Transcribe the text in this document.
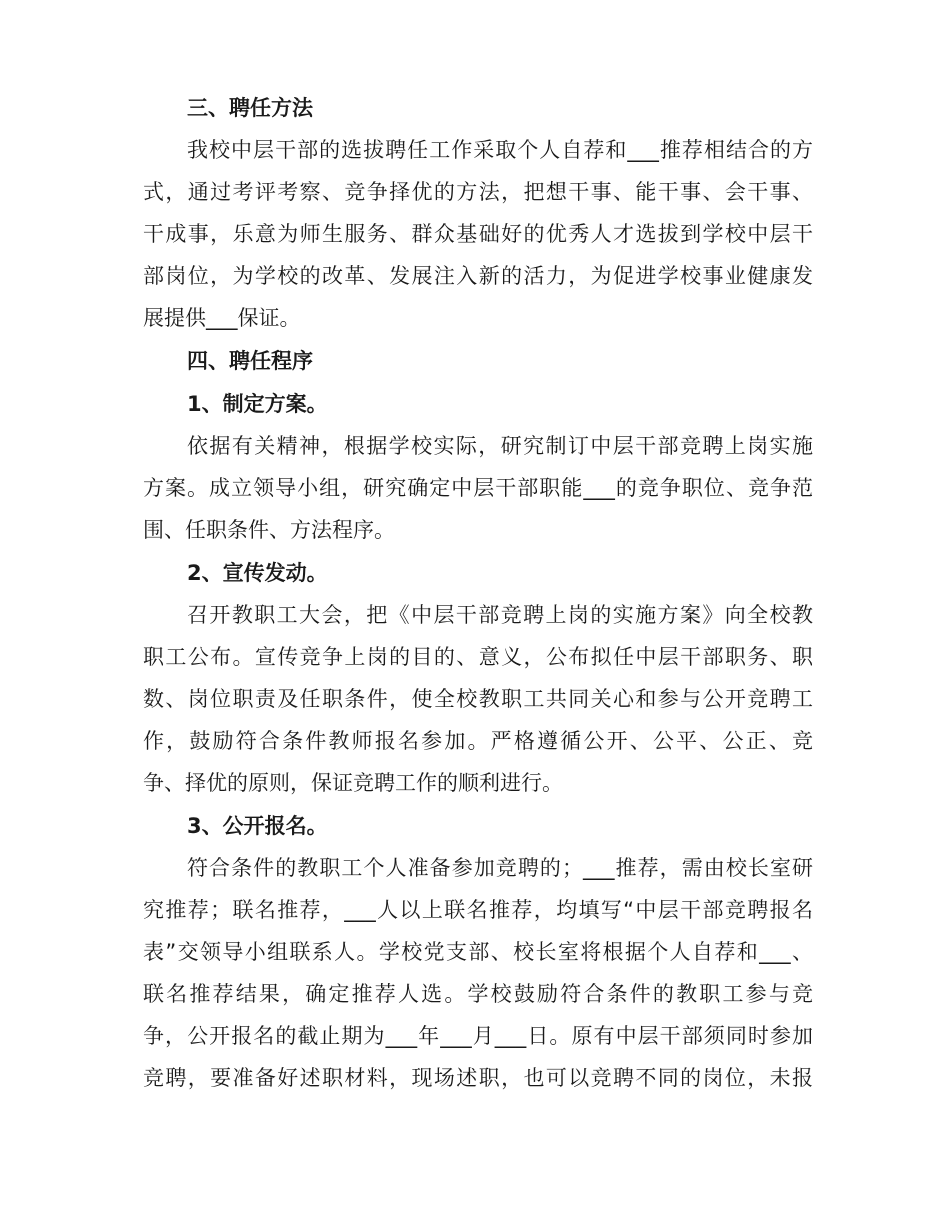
三、聘任方法
我校中层干部的选拔聘任工作采取个人自荐和___推荐相结合的方
式，通过考评考察、竞争择优的方法，把想干事、能干事、会干事、
干成事，乐意为师生服务、群众基础好的优秀人才选拔到学校中层干
部岗位，为学校的改革、发展注入新的活力，为促进学校事业健康发
展提供___保证。
四、聘任程序
1、制定方案。
依据有关精神，根据学校实际，研究制订中层干部竞聘上岗实施
方案。成立领导小组，研究确定中层干部职能___的竞争职位、竞争范
围、任职条件、方法程序。
2、宣传发动。
召开教职工大会，把《中层干部竞聘上岗的实施方案》向全校教
职工公布。宣传竞争上岗的目的、意义，公布拟任中层干部职务、职
数、岗位职责及任职条件，使全校教职工共同关心和参与公开竞聘工
作，鼓励符合条件教师报名参加。严格遵循公开、公平、公正、竞
争、择优的原则，保证竞聘工作的顺利进行。
3、公开报名。
符合条件的教职工个人准备参加竞聘的；___推荐，需由校长室研
究推荐；联名推荐，___人以上联名推荐，均填写“中层干部竞聘报名
表”交领导小组联系人。学校党支部、校长室将根据个人自荐和___、
联名推荐结果，确定推荐人选。学校鼓励符合条件的教职工参与竞
争，公开报名的截止期为___年___月___日。原有中层干部须同时参加
竞聘，要准备好述职材料，现场述职，也可以竞聘不同的岗位，未报
